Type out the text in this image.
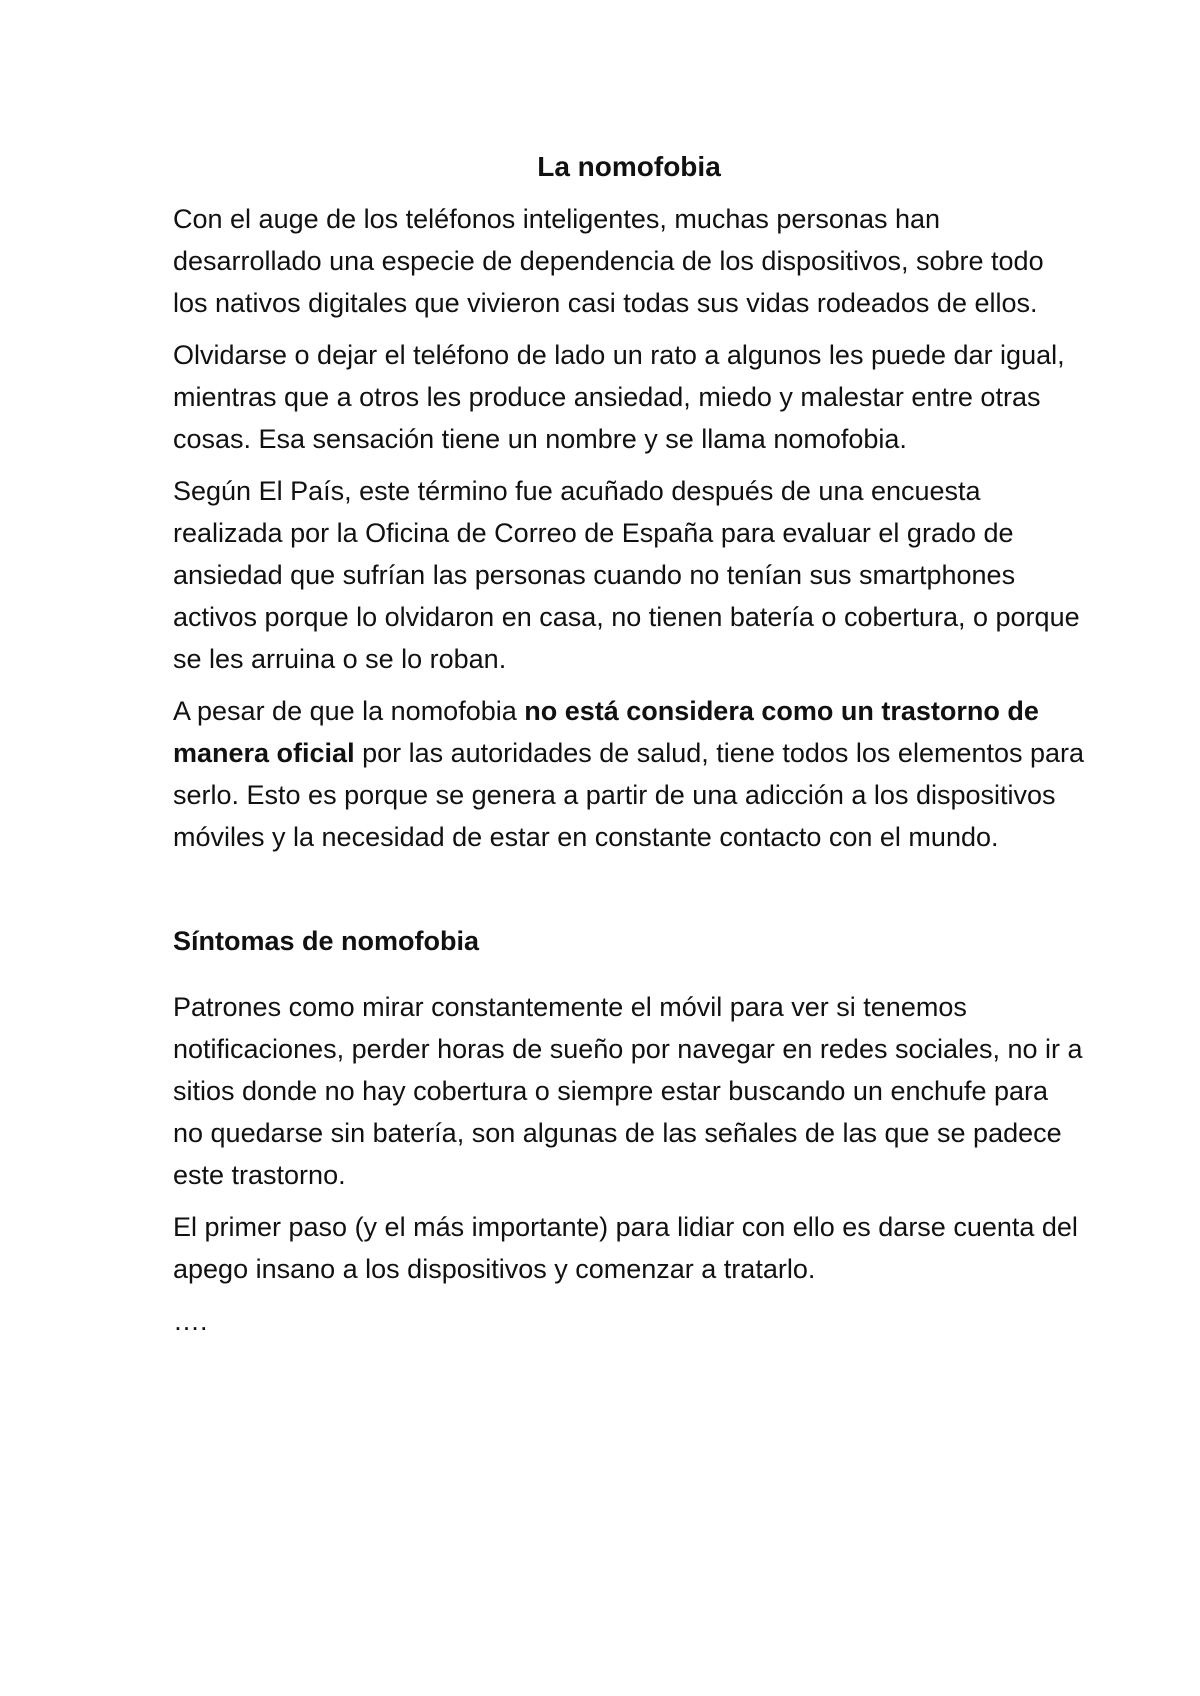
La nomofobia

Con el auge de los teléfonos inteligentes, muchas personas han desarrollado una especie de dependencia de los dispositivos, sobre todo los nativos digitales que vivieron casi todas sus vidas rodeados de ellos.

Olvidarse o dejar el teléfono de lado un rato a algunos les puede dar igual, mientras que a otros les produce ansiedad, miedo y malestar entre otras cosas. Esa sensación tiene un nombre y se llama nomofobia.

Según El País, este término fue acuñado después de una encuesta realizada por la Oficina de Correo de España para evaluar el grado de ansiedad que sufrían las personas cuando no tenían sus smartphones activos porque lo olvidaron en casa, no tienen batería o cobertura, o porque se les arruina o se lo roban.

A pesar de que la nomofobia no está considera como un trastorno de manera oficial por las autoridades de salud, tiene todos los elementos para serlo. Esto es porque se genera a partir de una adicción a los dispositivos móviles y la necesidad de estar en constante contacto con el mundo.

Síntomas de nomofobia

Patrones como mirar constantemente el móvil para ver si tenemos notificaciones, perder horas de sueño por navegar en redes sociales, no ir a sitios donde no hay cobertura o siempre estar buscando un enchufe para no quedarse sin batería, son algunas de las señales de las que se padece este trastorno.

El primer paso (y el más importante) para lidiar con ello es darse cuenta del apego insano a los dispositivos y comenzar a tratarlo.

….
